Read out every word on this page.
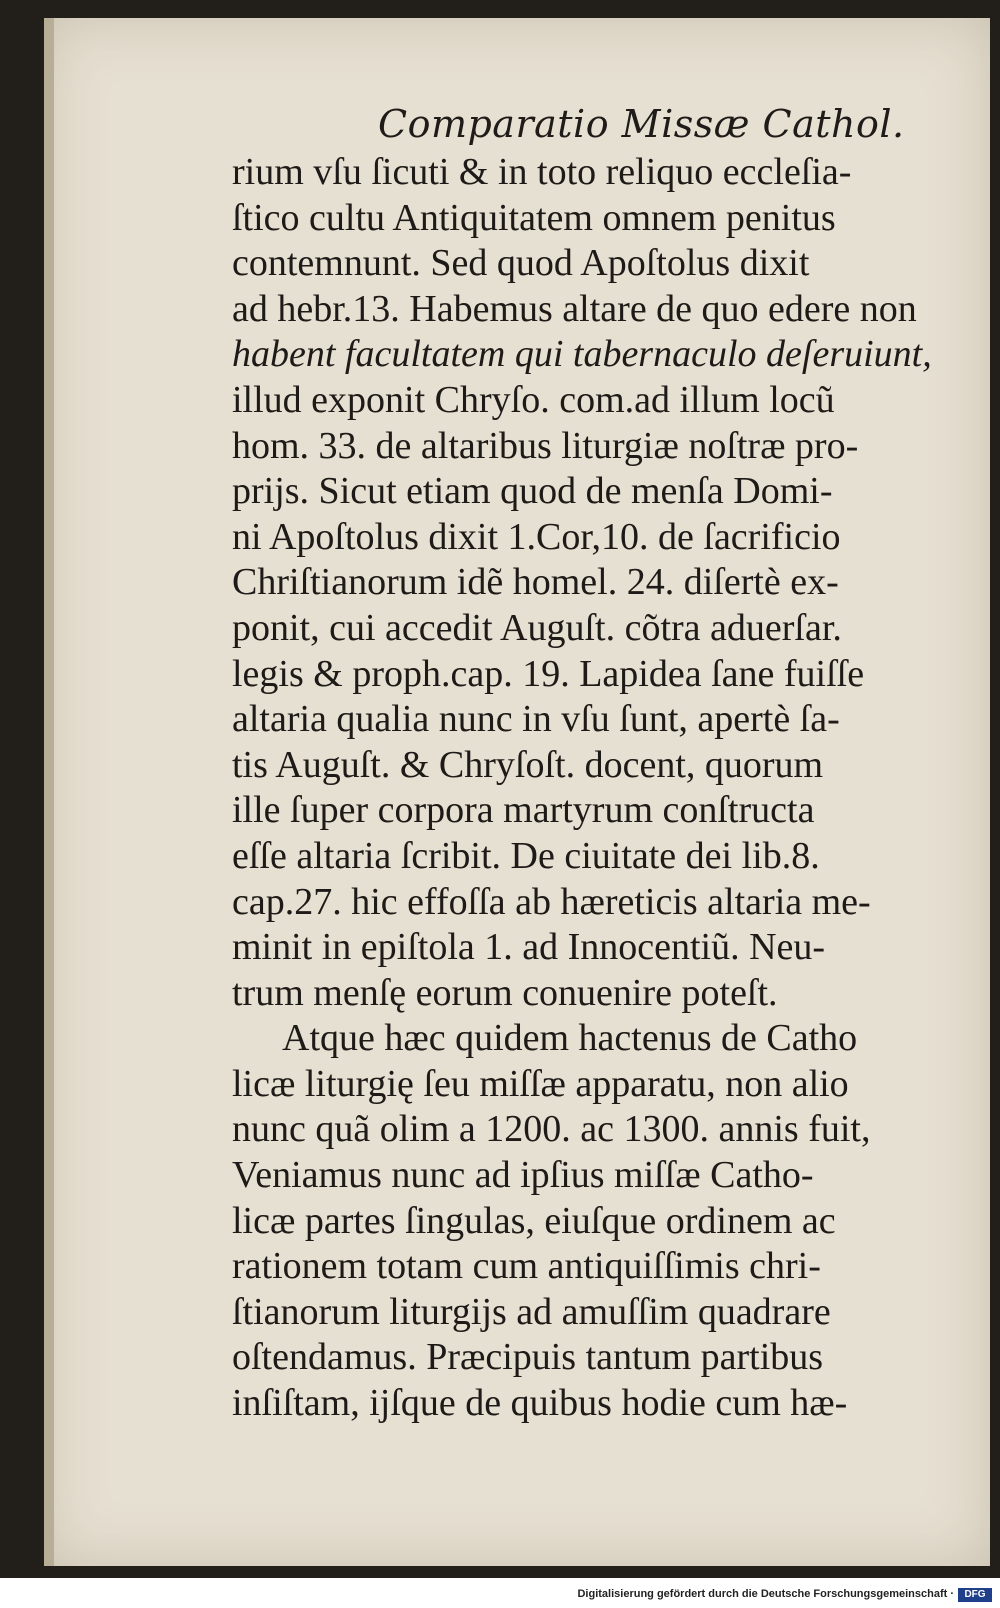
Comparatio Missæ Cathol.
rium vſu ſicuti & in toto reliquo eccleſia-
ſtico cultu Antiquitatem omnem penitus
contemnunt. Sed quod Apoſtolus dixit
ad hebr.13. Habemus altare de quo edere non
habent facultatem qui tabernaculo deſeruiunt,
illud exponit Chryſo. com.ad illum locũ
hom. 33. de altaribus liturgiæ noſtræ pro-
prijs. Sicut etiam quod de menſa Domi-
ni Apoſtolus dixit 1.Cor,10. de ſacrificio
Chriſtianorum idẽ homel. 24. diſertè ex-
ponit, cui accedit Auguſt. cõtra aduerſar.
legis & proph.cap. 19. Lapidea ſane fuiſſe
altaria qualia nunc in vſu ſunt, apertè ſa-
tis Auguſt. & Chryſoſt. docent, quorum
ille ſuper corpora martyrum conſtructa
eſſe altaria ſcribit. De ciuitate dei lib.8.
cap.27. hic effoſſa ab hæreticis altaria me-
minit in epiſtola 1. ad Innocentiũ. Neu-
trum menſę eorum conuenire poteſt.
Atque hæc quidem hactenus de Catho
licæ liturgię ſeu miſſæ apparatu, non alio
nunc quã olim a 1200. ac 1300. annis fuit,
Veniamus nunc ad ipſius miſſæ Catho-
licæ partes ſingulas, eiuſque ordinem ac
rationem totam cum antiquiſſimis chri-
ſtianorum liturgijs ad amuſſim quadrare
oſtendamus. Præcipuis tantum partibus
inſiſtam, ijſque de quibus hodie cum hæ-
Digitalisierung gefördert durch die Deutsche Forschungsgemeinschaft ·	DFG
